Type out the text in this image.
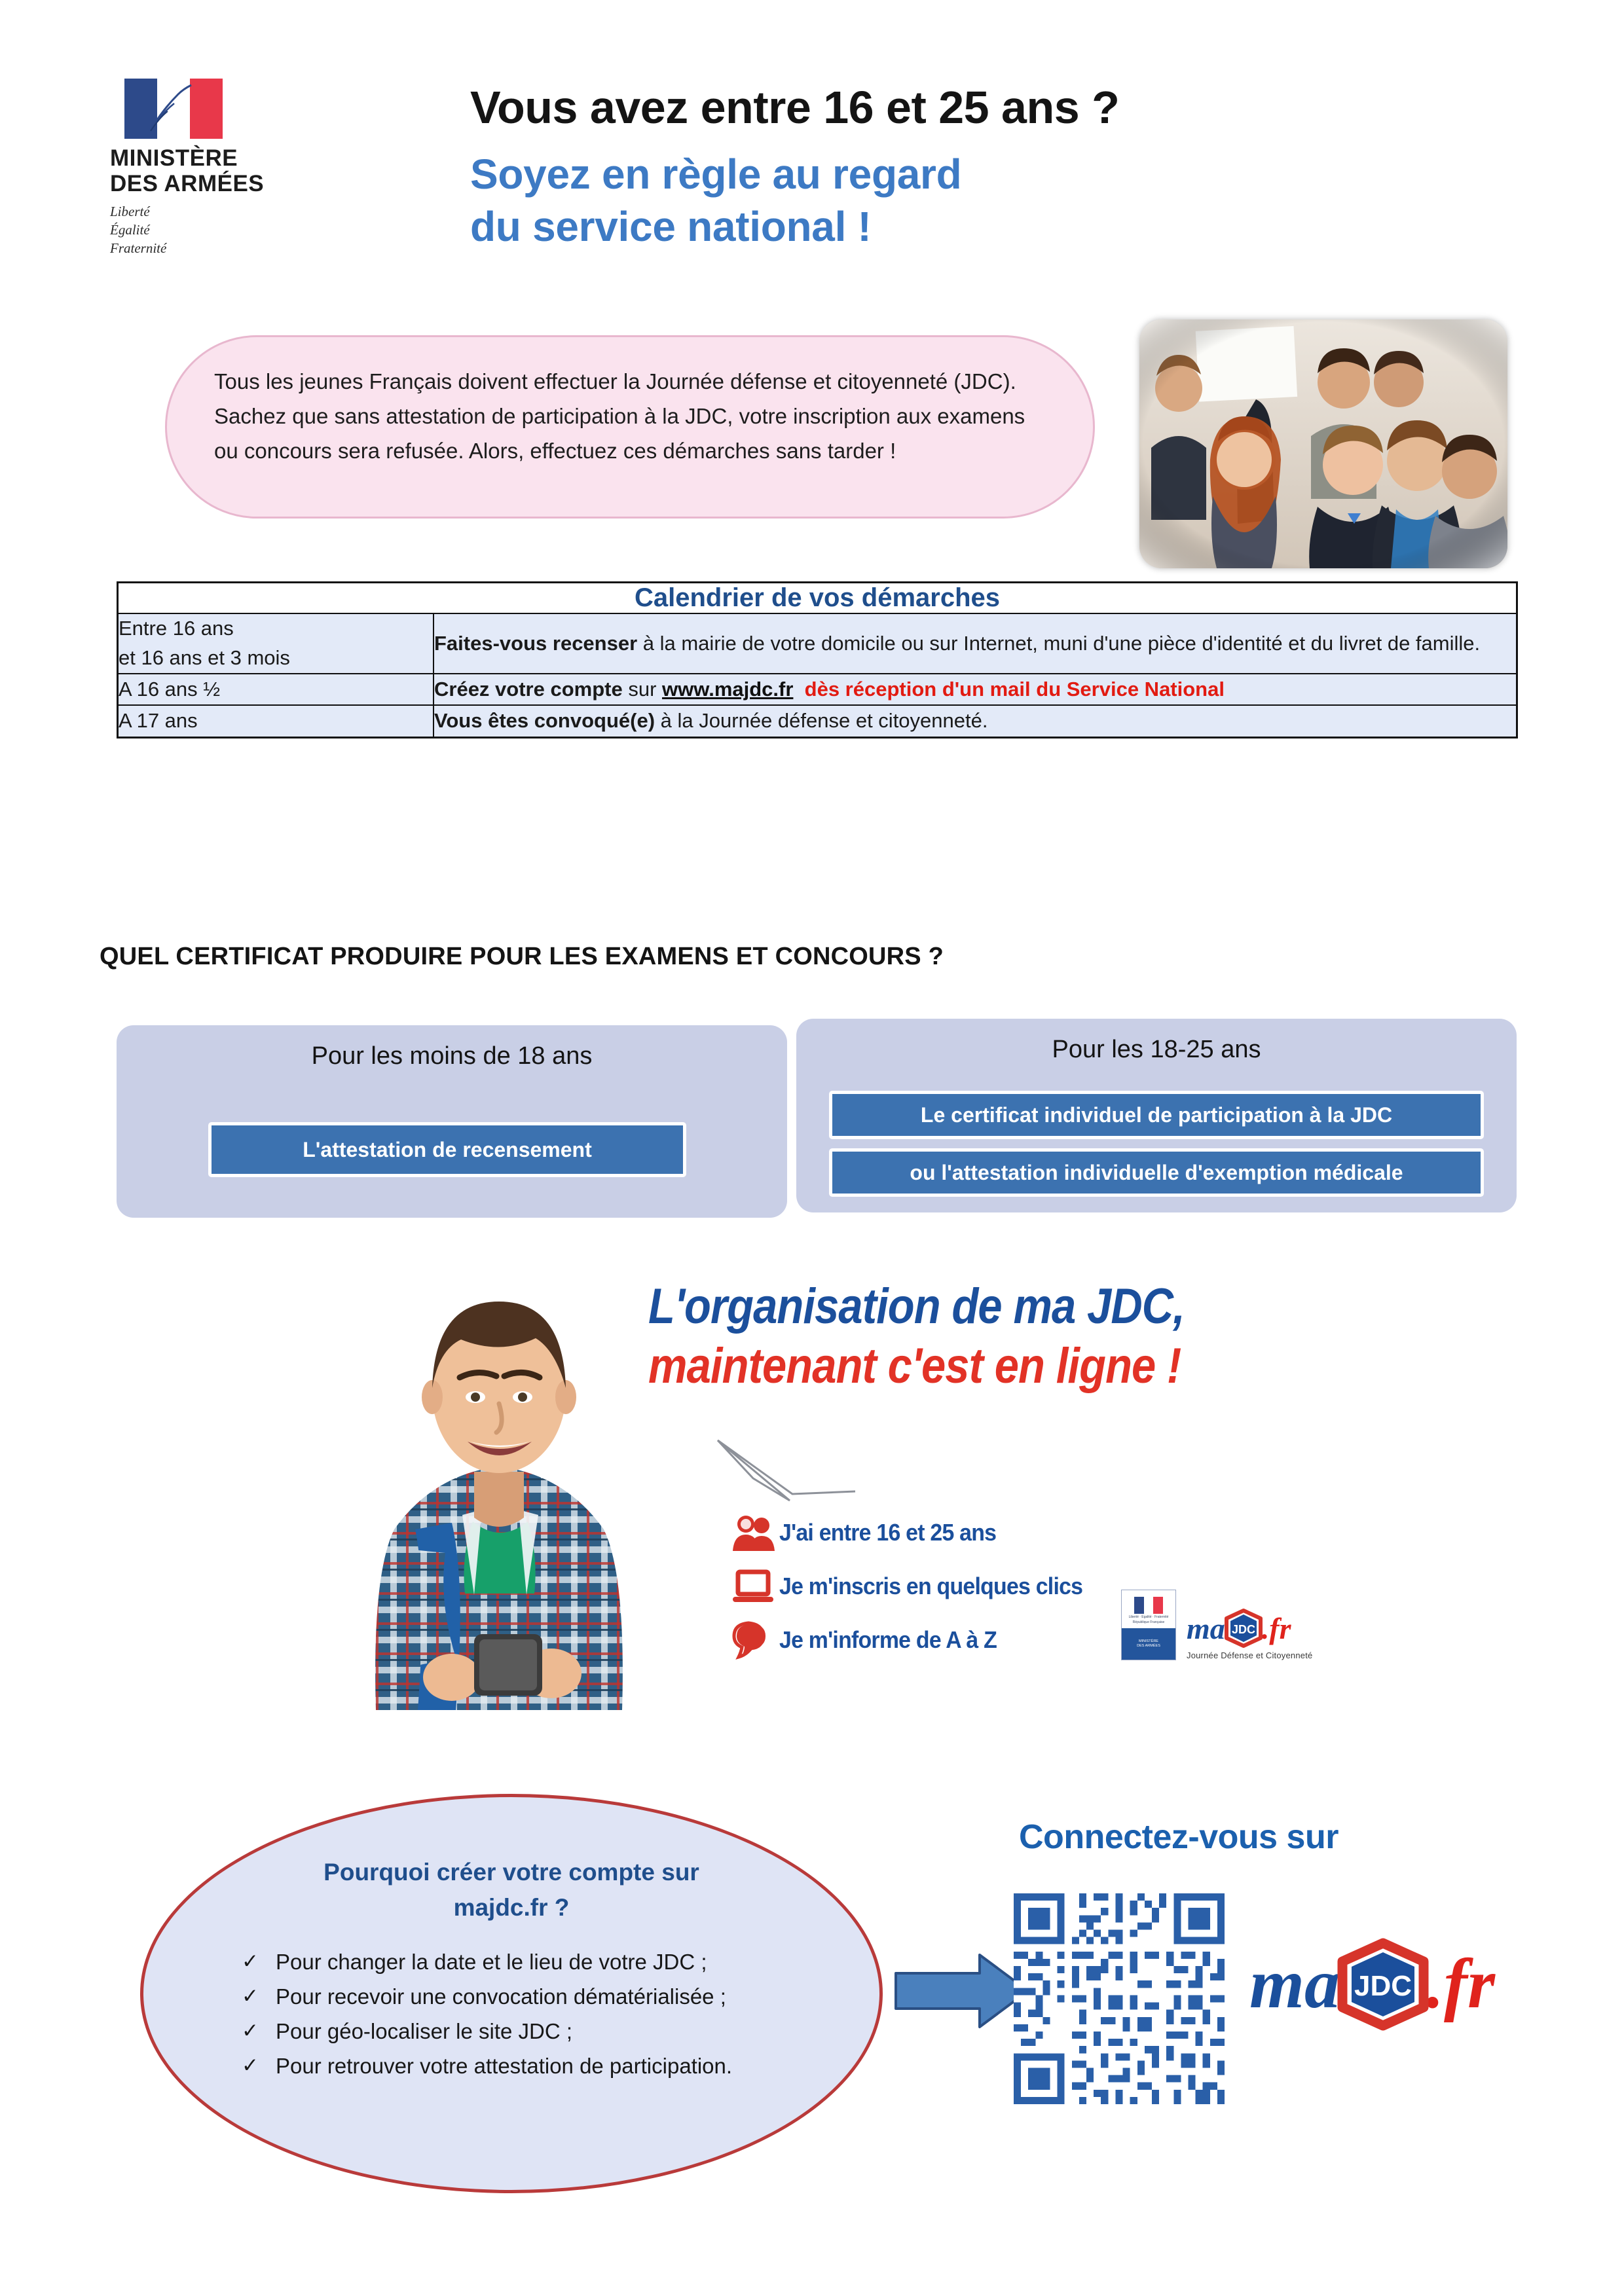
MINISTÈRE
DES ARMÉES
Liberté
Égalité
Fraternité
Vous avez entre 16 et 25 ans ?
Soyez en règle au regard
du service national !

Tous les jeunes Français doivent effectuer la Journée défense et citoyenneté (JDC). Sachez que sans attestation de participation à la JDC, votre inscription aux examens ou concours sera refusée. Alors, effectuez ces démarches sans tarder !

Calendrier de vos démarches	

Entre 16 ans
et 16 ans et 3 mois	Faites-vous recenser à la mairie de votre domicile ou sur Internet, muni d'une pièce d'identité et du livret de famille.

A 16 ans ½	Créez votre compte sur www.majdc.fr dès réception d'un mail du Service National

A 17 ans	Vous êtes convoqué(e) à la Journée défense et citoyenneté.
QUEL CERTIFICAT PRODUIRE POUR LES EXAMENS ET CONCOURS ?
Pour les moins de 18 ans
L'attestation de recensement
Pour les 18-25 ans
Le certificat individuel de participation à la JDC
ou l'attestation individuelle d'exemption médicale
L'organisation de ma JDC,
maintenant c'est en ligne !
J'ai entre 16 et 25 ans
Je m'inscris en quelques clics
Je m'informe de A à Z
Liberté · Égalité · Fraternité
République Française
MINISTÈRE
DES ARMÉES
ma JDC .fr
Journée Défense et Citoyenneté
Pourquoi créer votre compte sur
majdc.fr ?
✓ Pour changer la date et le lieu de votre JDC ;
✓ Pour recevoir une convocation dématérialisée ;
✓ Pour géo-localiser le site JDC ;
✓ Pour retrouver votre attestation de participation.
Connectez-vous sur
ma JDC .fr
